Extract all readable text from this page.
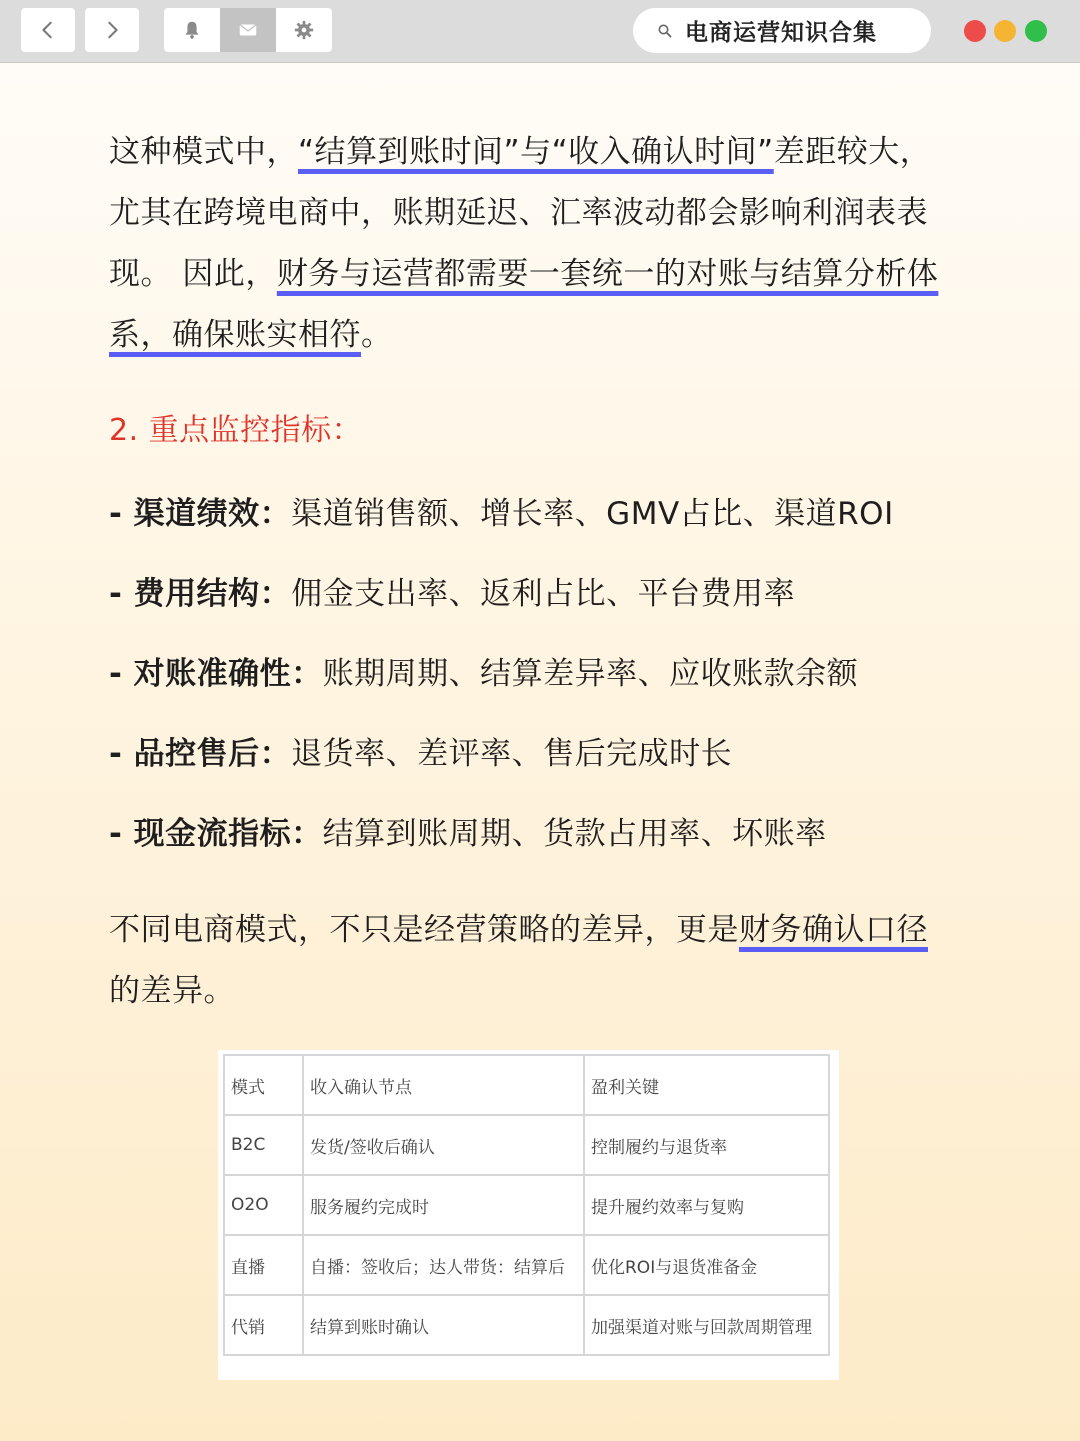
电商运营知识合集
这种模式中，“结算到账时间”与“收入确认时间”差距较大，尤其在跨境电商中，账期延迟、汇率波动都会影响利润表表现。 因此，财务与运营都需要一套统一的对账与结算分析体系，确保账实相符。
2. 重点监控指标：
- 渠道绩效：渠道销售额、增长率、GMV占比、渠道ROI
- 费用结构：佣金支出率、返利占比、平台费用率
- 对账准确性：账期周期、结算差异率、应收账款余额
- 品控售后：退货率、差评率、售后完成时长
- 现金流指标：结算到账周期、货款占用率、坏账率
不同电商模式，不只是经营策略的差异，更是财务确认口径的差异。
模式	收入确认节点	盈利关键
B2C	发货/签收后确认	控制履约与退货率
O2O	服务履约完成时	提升履约效率与复购
直播	自播：签收后；达人带货：结算后	优化ROI与退货准备金
代销	结算到账时确认	加强渠道对账与回款周期管理
